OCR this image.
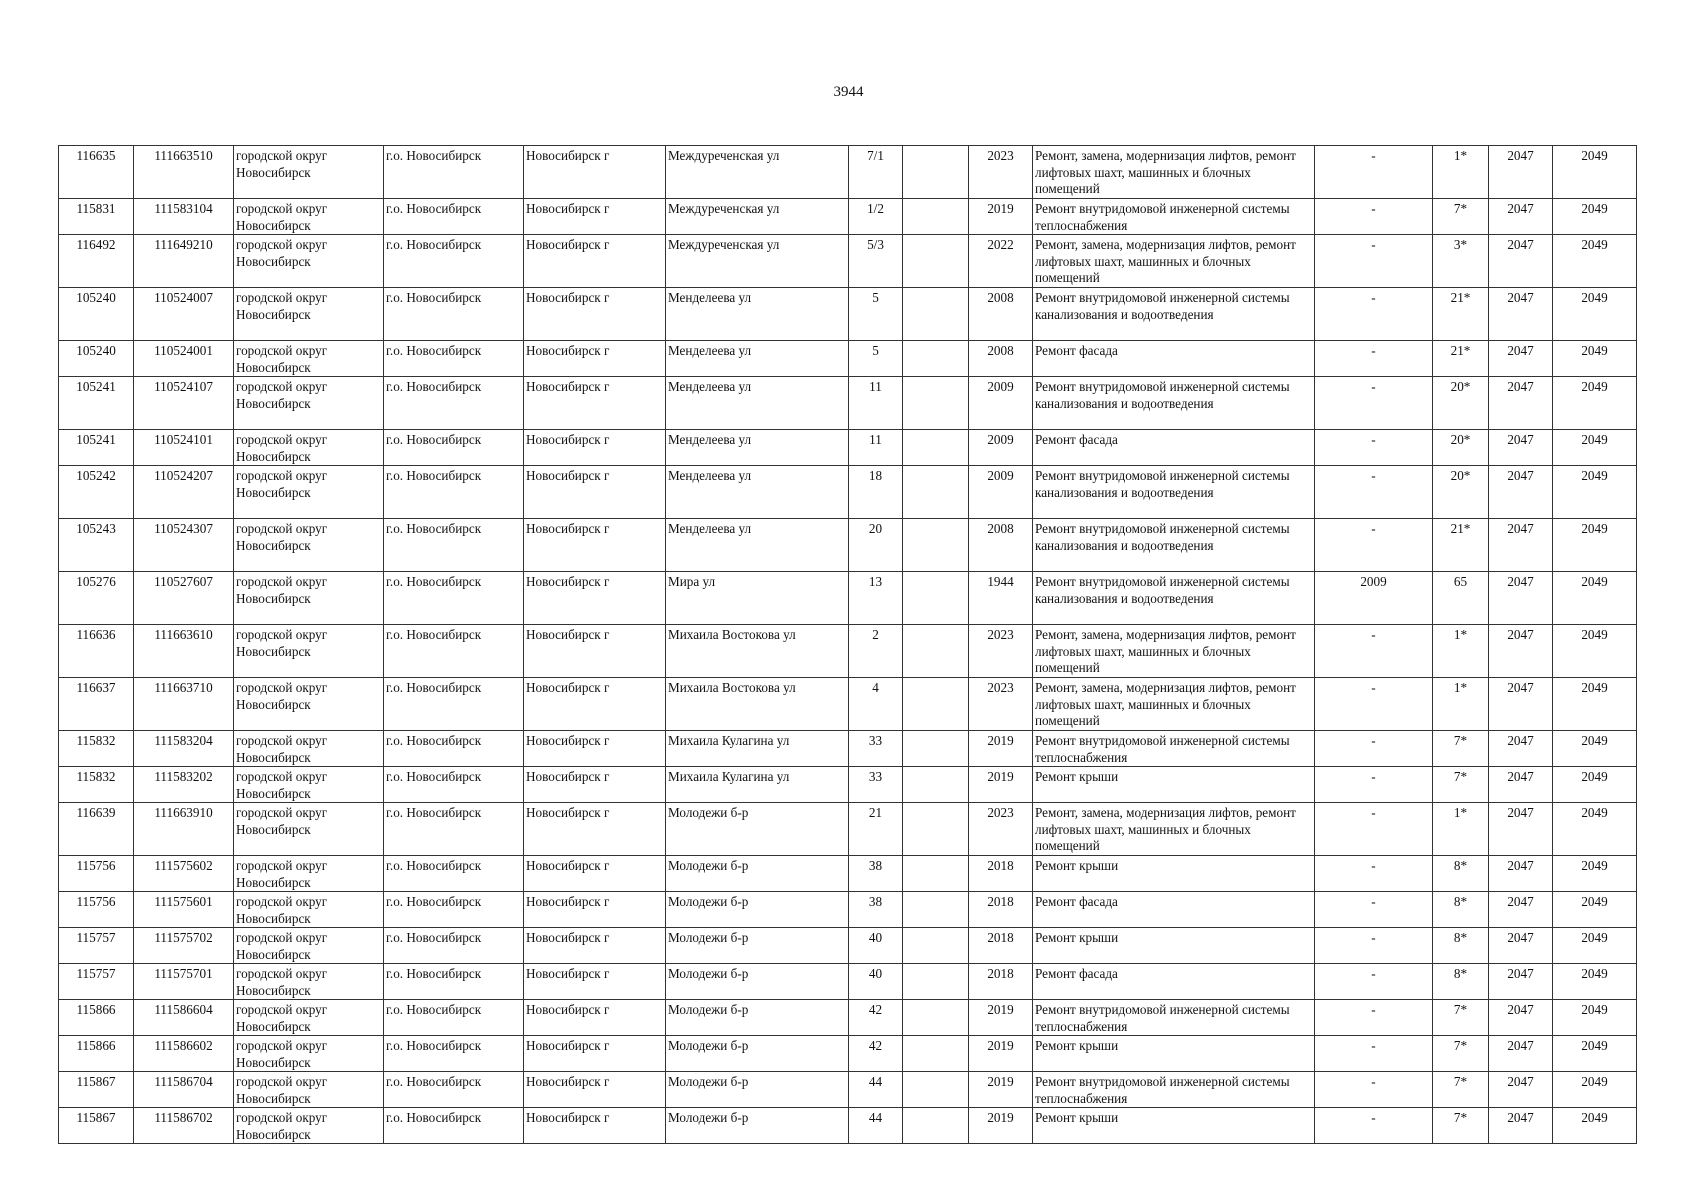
3944
116635	111663510	городской округ Новосибирск	г.о. Новосибирск	Новосибирск г	Междуреченская ул	7/1		2023	Ремонт, замена, модернизация лифтов, ремонт лифтовых шахт, машинных и блочных помещений	-	1*	2047	2049
115831	111583104	городской округ Новосибирск	г.о. Новосибирск	Новосибирск г	Междуреченская ул	1/2		2019	Ремонт внутридомовой инженерной системы теплоснабжения	-	7*	2047	2049
116492	111649210	городской округ Новосибирск	г.о. Новосибирск	Новосибирск г	Междуреченская ул	5/3		2022	Ремонт, замена, модернизация лифтов, ремонт лифтовых шахт, машинных и блочных помещений	-	3*	2047	2049
105240	110524007	городской округ Новосибирск	г.о. Новосибирск	Новосибирск г	Менделеева ул	5		2008	Ремонт внутридомовой инженерной системы канализования и водоотведения	-	21*	2047	2049
105240	110524001	городской округ Новосибирск	г.о. Новосибирск	Новосибирск г	Менделеева ул	5		2008	Ремонт фасада	-	21*	2047	2049
105241	110524107	городской округ Новосибирск	г.о. Новосибирск	Новосибирск г	Менделеева ул	11		2009	Ремонт внутридомовой инженерной системы канализования и водоотведения	-	20*	2047	2049
105241	110524101	городской округ Новосибирск	г.о. Новосибирск	Новосибирск г	Менделеева ул	11		2009	Ремонт фасада	-	20*	2047	2049
105242	110524207	городской округ Новосибирск	г.о. Новосибирск	Новосибирск г	Менделеева ул	18		2009	Ремонт внутридомовой инженерной системы канализования и водоотведения	-	20*	2047	2049
105243	110524307	городской округ Новосибирск	г.о. Новосибирск	Новосибирск г	Менделеева ул	20		2008	Ремонт внутридомовой инженерной системы канализования и водоотведения	-	21*	2047	2049
105276	110527607	городской округ Новосибирск	г.о. Новосибирск	Новосибирск г	Мира ул	13		1944	Ремонт внутридомовой инженерной системы канализования и водоотведения	2009	65	2047	2049
116636	111663610	городской округ Новосибирск	г.о. Новосибирск	Новосибирск г	Михаила Востокова ул	2		2023	Ремонт, замена, модернизация лифтов, ремонт лифтовых шахт, машинных и блочных помещений	-	1*	2047	2049
116637	111663710	городской округ Новосибирск	г.о. Новосибирск	Новосибирск г	Михаила Востокова ул	4		2023	Ремонт, замена, модернизация лифтов, ремонт лифтовых шахт, машинных и блочных помещений	-	1*	2047	2049
115832	111583204	городской округ Новосибирск	г.о. Новосибирск	Новосибирск г	Михаила Кулагина ул	33		2019	Ремонт внутридомовой инженерной системы теплоснабжения	-	7*	2047	2049
115832	111583202	городской округ Новосибирск	г.о. Новосибирск	Новосибирск г	Михаила Кулагина ул	33		2019	Ремонт крыши	-	7*	2047	2049
116639	111663910	городской округ Новосибирск	г.о. Новосибирск	Новосибирск г	Молодежи б-р	21		2023	Ремонт, замена, модернизация лифтов, ремонт лифтовых шахт, машинных и блочных помещений	-	1*	2047	2049
115756	111575602	городской округ Новосибирск	г.о. Новосибирск	Новосибирск г	Молодежи б-р	38		2018	Ремонт крыши	-	8*	2047	2049
115756	111575601	городской округ Новосибирск	г.о. Новосибирск	Новосибирск г	Молодежи б-р	38		2018	Ремонт фасада	-	8*	2047	2049
115757	111575702	городской округ Новосибирск	г.о. Новосибирск	Новосибирск г	Молодежи б-р	40		2018	Ремонт крыши	-	8*	2047	2049
115757	111575701	городской округ Новосибирск	г.о. Новосибирск	Новосибирск г	Молодежи б-р	40		2018	Ремонт фасада	-	8*	2047	2049
115866	111586604	городской округ Новосибирск	г.о. Новосибирск	Новосибирск г	Молодежи б-р	42		2019	Ремонт внутридомовой инженерной системы теплоснабжения	-	7*	2047	2049
115866	111586602	городской округ Новосибирск	г.о. Новосибирск	Новосибирск г	Молодежи б-р	42		2019	Ремонт крыши	-	7*	2047	2049
115867	111586704	городской округ Новосибирск	г.о. Новосибирск	Новосибирск г	Молодежи б-р	44		2019	Ремонт внутридомовой инженерной системы теплоснабжения	-	7*	2047	2049
115867	111586702	городской округ Новосибирск	г.о. Новосибирск	Новосибирск г	Молодежи б-р	44		2019	Ремонт крыши	-	7*	2047	2049
